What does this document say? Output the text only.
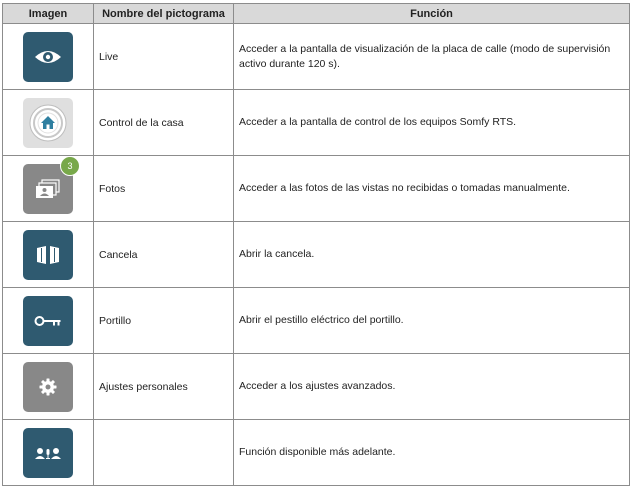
Imagen	Nombre del pictograma	Función

	Live	Acceder a la pantalla de visualización de la placa de calle (modo de supervisión activo durante 120 s).

	Control de la casa	Acceder a la pantalla de control de los equipos Somfy RTS.

3	Fotos	Acceder a las fotos de las vistas no recibidas o tomadas manualmente.

	Cancela	Abrir la cancela.

	Portillo	Abrir el pestillo eléctrico del portillo.

	Ajustes personales	Acceder a los ajustes avanzados.

		Función disponible más adelante.
